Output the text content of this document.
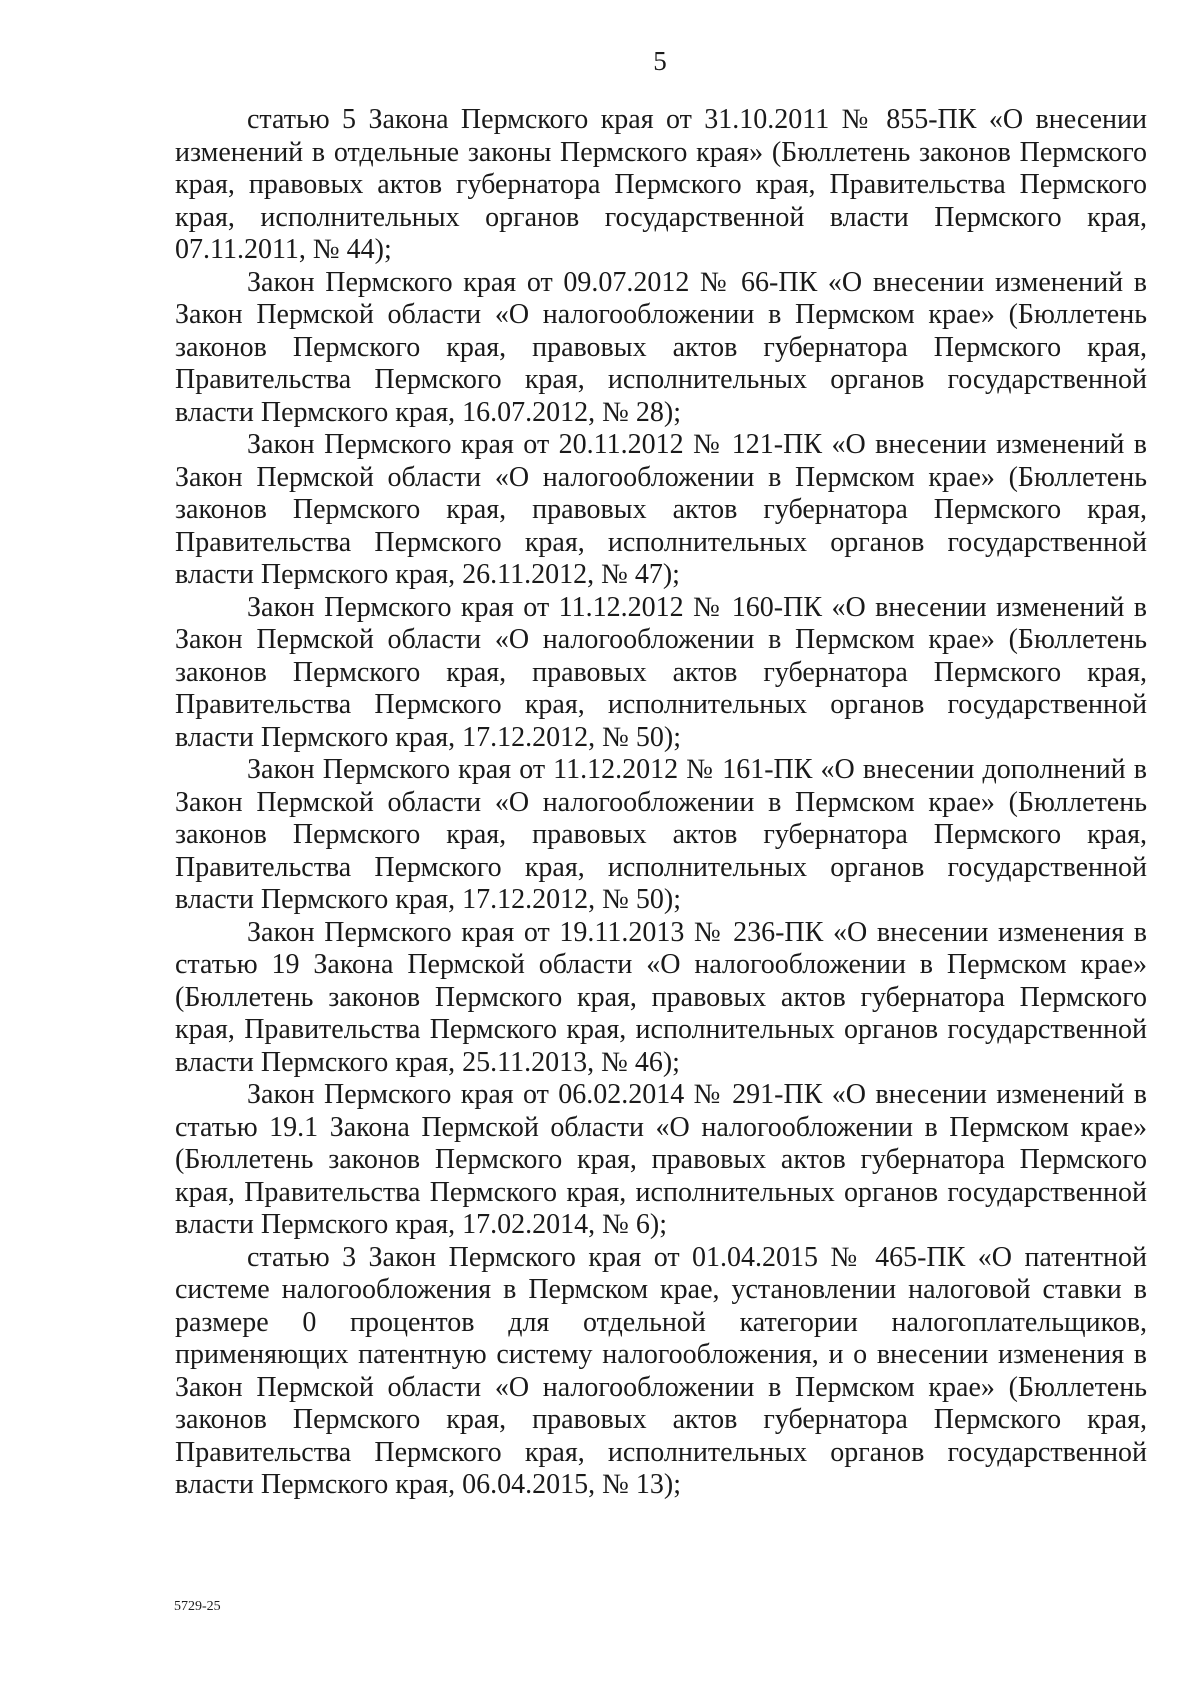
5

статью 5 Закона Пермского края от 31.10.2011 № 855-ПК «О внесении изменений в отдельные законы Пермского края» (Бюллетень законов Пермского края, правовых актов губернатора Пермского края, Правительства Пермского края, исполнительных органов государственной власти Пермского края, 07.11.2011, № 44);

Закон Пермского края от 09.07.2012 № 66-ПК «О внесении изменений в Закон Пермской области «О налогообложении в Пермском крае» (Бюллетень законов Пермского края, правовых актов губернатора Пермского края, Правительства Пермского края, исполнительных органов государственной власти Пермского края, 16.07.2012, № 28);

Закон Пермского края от 20.11.2012 № 121-ПК «О внесении изменений в Закон Пермской области «О налогообложении в Пермском крае» (Бюллетень законов Пермского края, правовых актов губернатора Пермского края, Правительства Пермского края, исполнительных органов государственной власти Пермского края, 26.11.2012, № 47);

Закон Пермского края от 11.12.2012 № 160-ПК «О внесении изменений в Закон Пермской области «О налогообложении в Пермском крае» (Бюллетень законов Пермского края, правовых актов губернатора Пермского края, Правительства Пермского края, исполнительных органов государственной власти Пермского края, 17.12.2012, № 50);

Закон Пермского края от 11.12.2012 № 161-ПК «О внесении дополнений в Закон Пермской области «О налогообложении в Пермском крае» (Бюллетень законов Пермского края, правовых актов губернатора Пермского края, Правительства Пермского края, исполнительных органов государственной власти Пермского края, 17.12.2012, № 50);

Закон Пермского края от 19.11.2013 № 236-ПК «О внесении изменения в статью 19 Закона Пермской области «О налогообложении в Пермском крае» (Бюллетень законов Пермского края, правовых актов губернатора Пермского края, Правительства Пермского края, исполнительных органов государственной власти Пермского края, 25.11.2013, № 46);

Закон Пермского края от 06.02.2014 № 291-ПК «О внесении изменений в статью 19.1 Закона Пермской области «О налогообложении в Пермском крае» (Бюллетень законов Пермского края, правовых актов губернатора Пермского края, Правительства Пермского края, исполнительных органов государственной власти Пермского края, 17.02.2014, № 6);

статью 3 Закон Пермского края от 01.04.2015 № 465-ПК «О патентной системе налогообложения в Пермском крае, установлении налоговой ставки в размере 0 процентов для отдельной категории налогоплательщиков, применяющих патентную систему налогообложения, и о внесении изменения в Закон Пермской области «О налогообложении в Пермском крае» (Бюллетень законов Пермского края, правовых актов губернатора Пермского края, Правительства Пермского края, исполнительных органов государственной власти Пермского края, 06.04.2015, № 13);

5729-25
